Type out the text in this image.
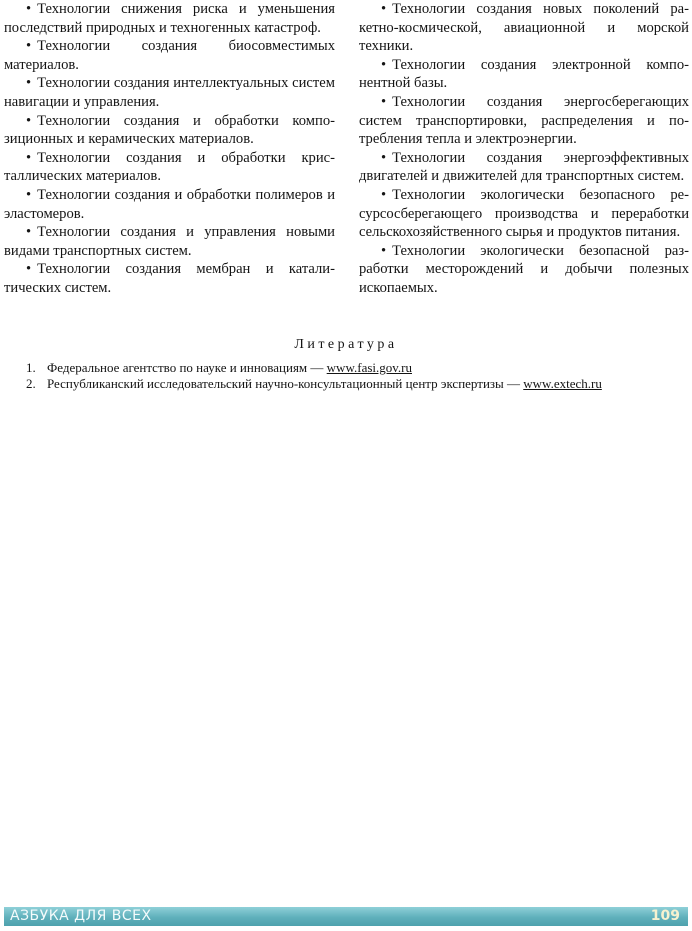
• Технологии снижения риска и уменьшения последствий природных и техногенных катастроф.

• Технологии создания биосовместимых материалов.

• Технологии создания интеллектуальных систем навигации и управления.

• Технологии создания и обработки композиционных и керамических материалов.

• Технологии создания и обработки кристаллических материалов.

• Технологии создания и обработки полимеров и эластомеров.

• Технологии создания и управления новыми видами транспортных систем.

• Технологии создания мембран и каталитических систем.

• Технологии создания новых поколений ракетно-космической, авиационной и морской техники.

• Технологии создания электронной компонентной базы.

• Технологии создания энергосберегающих систем транспортировки, распределения и потребления тепла и электроэнергии.

• Технологии создания энергоэффективных двигателей и движителей для транспортных систем.

• Технологии экологически безопасного ресурсосберегающего производства и переработки сельскохозяйственного сырья и продуктов питания.

• Технологии экологически безопасной разработки месторождений и добычи полезных ископаемых.

Литература
1. Федеральное агентство по науке и инновациям — www.fasi.gov.ru
2. Республиканский исследовательский научно-консультационный центр экспертизы — www.extech.ru
АЗБУКА ДЛЯ ВСЕХ	109
